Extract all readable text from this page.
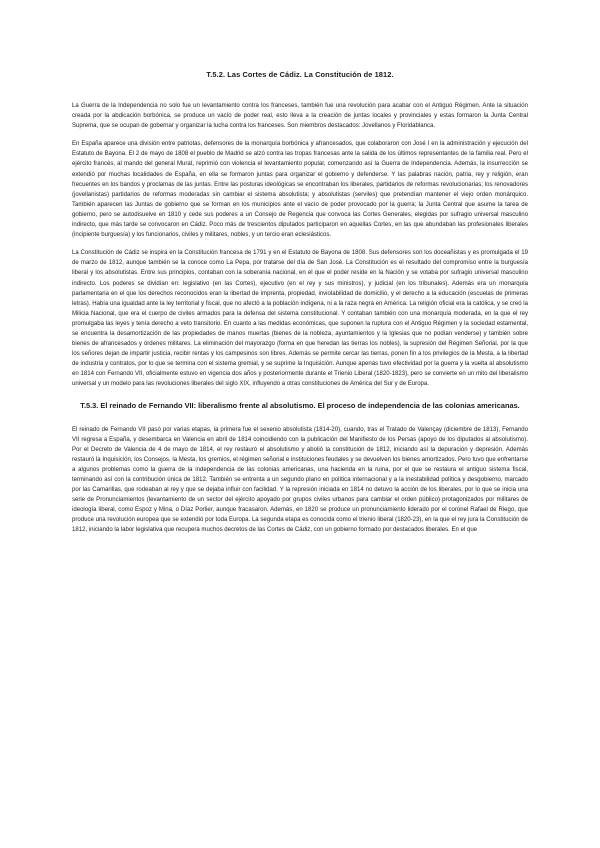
T.5.2. Las Cortes de Cádiz. La Constitución de 1812.

La Guerra de la Independencia no solo fue un levantamiento contra los franceses, también fue una revolución para acabar con el Antiguo Régimen. Ante la situación creada por la abdicación borbónica, se produce un vacío de poder real, esto lleva a la creación de juntas locales y provinciales y estas formaron la Junta Central Suprema, que se ocupan de gobernar y organizar la lucha contra los franceses. Son miembros destacados: Jovellanos y Floridablanca.

En España aparece una división entre patriotas, defensores de la monarquía borbónica y afrancesados, que colaboraron con José I en la administración y ejecución del Estatuto de Bayona. El 2 de mayo de 1808 el pueblo de Madrid se alzó contra las tropas francesas ante la salida de los últimos representantes de la familia real. Pero el ejército francés, al mando del general Murat, reprimió con violencia el levantamiento popular, comenzando así la Guerra de Independencia. Además, la insurrección se extendió por muchas localidades de España, en ella se formaron juntas para organizar el gobierno y defenderse. Y las palabras nación, patria, rey y religión, eran frecuentes en los bandos y proclamas de las juntas. Entre las posturas ideológicas se encontraban los liberales, partidarios de reformas revolucionarias; los renovadores (jovellanistas) partidarios de reformas moderadas sin cambiar el sistema absolutista; y absolutistas (serviles) que pretendían mantener el viejo orden monárquico. También aparecen las Juntas de gobierno que se forman en los municipios ante el vacío de poder provocado por la guerra; la Junta Central que asume la tarea de gobierno, pero se autodisuelve en 1810 y cede sus poderes a un Consejo de Regencia que convoca las Cortes Generales, elegidas por sufragio universal masculino indirecto, que más tarde se convocaron en Cádiz. Poco más de trescientos diputados participaron en aquellas Cortes, en las que abundaban las profesionales liberales (incipiente burguesía) y los funcionarios, civiles y militares, nobles, y un tercio eran eclesiásticos.

La Constitución de Cádiz se inspira en la Constitución francesa de 1791 y en el Estatuto de Bayona de 1808. Sus defensores son los doceañistas y es promulgada el 19 de marzo de 1812, aunque también se la conoce como La Pepa, por tratarse del día de San José. La Constitución es el resultado del compromiso entre la burguesía liberal y los absolutistas. Entre sus principios, contaban con la soberanía nacional, en el que el poder reside en la Nación y se votaba por sufragio universal masculino indirecto. Los poderes se dividían en: legislativo (en las Cortes), ejecutivo (en el rey y sus ministros), y judicial (en los tribunales). Además era un monarquía parlamentaria en el que los derechos reconocidos eran la libertad de imprenta, propiedad, inviolabilidad de domicilio, y el derecho a la educación (escuelas de primeras letras). Había una igualdad ante la ley territorial y fiscal, que no afectó a la población indígena, ni a la raza negra en América. La religión oficial era la católica, y se creó la Milicia Nacional, que era el cuerpo de civiles armados para la defensa del sistema constitucional. Y contaban también con una monarquía moderada, en la que el rey promulgaba las leyes y tenía derecho a veto transitorio. En cuanto a las medidas económicas, que suponen la ruptura con el Antiguo Régimen y la sociedad estamental, se encuentra la desamortización de las propiedades de manos muertas (bienes de la nobleza, ayuntamientos y la Iglesias que no podían venderse) y también sobre bienes de afrancesados y órdenes militares. La eliminación del mayorazgo (forma en que heredan las tierras los nobles), la supresión del Régimen Señorial, por la que los señores dejan de impartir justicia, recibir rentas y los campesinos son libres. Además se permite cercar las tierras, ponen fin a los privilegios de la Mesta, a la libertad de industria y contratos, por lo que se termina con el sistema gremial, y se suprime la Inquisición. Aunque apenas tuvo efectividad por la guerra y la vuelta al absolutismo en 1814 con Fernando VII, oficialmente estuvo en vigencia dos años y posteriormente durante el Trienio Liberal (1820-1823), pero se convierte en un mito del liberalismo universal y un modelo para las revoluciones liberales del siglo XIX, influyendo a otras constituciones de América del Sur y de Europa.

T.5.3. El reinado de Fernando VII: liberalismo frente al absolutismo. El proceso de independencia de las colonias americanas.

El reinado de Fernando VII pasó por varias etapas, la primera fue el sexenio absolutista (1814-20), cuando, tras el Tratado de Valençay (diciembre de 1813), Fernando VII regresa a España, y desembarca en Valencia en abril de 1814 coincidiendo con la publicación del Manifiesto de los Persas (apoyo de los diputados al absolutismo). Por el Decreto de Valencia de 4 de mayo de 1814, el rey restauró el absolutismo y abolió la constitución de 1812, iniciando así la depuración y depresión. Además restauró la Inquisición, los Consejos, la Mesta, los gremios, el régimen señorial e instituciones feudales y se devuelven los bienes amortizados. Pero tuvo que enfrentarse a algunos problemas como la guerra de la independencia de las colonias americanas, una hacienda en la ruina, por el que se restaura el antiguo sistema fiscal, terminando así con la contribución única de 1812. También se entrenta a un segundo plano en política internacional y a la inestabilidad política y desgobierno, marcado por las Camarillas, que rodeaban al rey y que se dejaba influir con facilidad. Y la represión iniciada en 1814 no detuvo la acción de los liberales, por lo que se inicia una serie de Pronunciamientos (levantamiento de un sector del ejército apoyado por grupos civiles urbanos para cambiar el orden público) protagonizados por militares de ideología liberal, como Espoz y Mina, o Díaz Porlier, aunque fracasaron. Además, en 1820 se produce un pronunciamiento liderado por el coronel Rafael de Riego, que produce una revolución europea que se extendió por toda Europa. La segunda etapa es conocida como el trienio liberal (1820-23), en la que el rey jura la Constitución de 1812, iniciando la labor legislativa que recupera muchos decretos de las Cortes de Cádiz, con un gobierno formado por destacados liberales. En el que
